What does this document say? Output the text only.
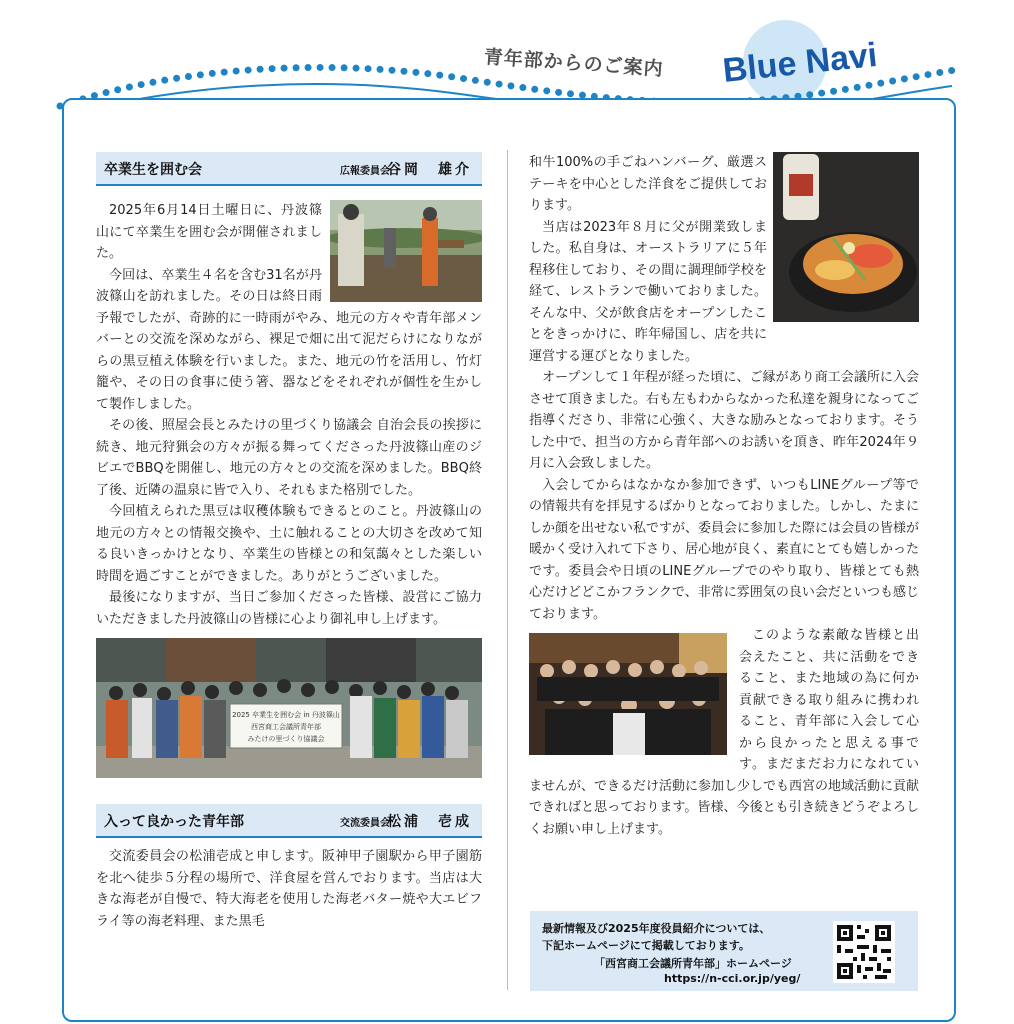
青年部からのご案内 Blue Navi
卒業生を囲む会	広報委員会
谷岡　雄介

2025年6月14日土曜日に、丹波篠山にて卒業生を囲む会が開催されました。

今回は、卒業生４名を含む31名が丹波篠山を訪れました。その日は終日雨予報でしたが、奇跡的に一時雨がやみ、地元の方々や青年部メンバーとの交流を深めながら、裸足で畑に出て泥だらけになりながらの黒豆植え体験を行いました。また、地元の竹を活用し、竹灯籠や、その日の食事に使う箸、器などをそれぞれが個性を生かして製作しました。

その後、照屋会長とみたけの里づくり協議会 自治会長の挨拶に続き、地元狩猟会の方々が振る舞ってくださった丹波篠山産のジビエでBBQを開催し、地元の方々との交流を深めました。BBQ終了後、近隣の温泉に皆で入り、それもまた格別でした。

今回植えられた黒豆は収穫体験もできるとのこと。丹波篠山の地元の方々との情報交換や、土に触れることの大切さを改めて知る良いきっかけとなり、卒業生の皆様との和気藹々とした楽しい時間を過ごすことができました。ありがとうございました。

最後になりますが、当日ご参加くださった皆様、設営にご協力いただきました丹波篠山の皆様に心より御礼申し上げます。

2025 卒業生を囲む会 in 丹波篠山
西宮商工会議所青年部
みたけの里づくり協議会
入って良かった青年部	交流委員会
松浦　壱成

交流委員会の松浦壱成と申します。阪神甲子園駅から甲子園筋を北へ徒歩５分程の場所で、洋食屋を営んでおります。当店は大きな海老が自慢で、特大海老を使用した海老バター焼や大エビフライ等の海老料理、また黒毛

和牛100%の手ごねハンバーグ、厳選ステーキを中心とした洋食をご提供しております。

当店は2023年８月に父が開業致しました。私自身は、オーストラリアに５年程移住しており、その間に調理師学校を経て、レストランで働いておりました。そんな中、父が飲食店をオープンしたことをきっかけに、昨年帰国し、店を共に運営する運びとなりました。

オープンして１年程が経った頃に、ご縁があり商工会議所に入会させて頂きました。右も左もわからなかった私達を親身になってご指導くださり、非常に心強く、大きな励みとなっております。そうした中で、担当の方から青年部へのお誘いを頂き、昨年2024年９月に入会致しました。

入会してからはなかなか参加できず、いつもLINEグループ等での情報共有を拝見するばかりとなっておりました。しかし、たまにしか顔を出せない私ですが、委員会に参加した際には会員の皆様が暖かく受け入れて下さり、居心地が良く、素直にとても嬉しかったです。委員会や日頃のLINEグループでのやり取り、皆様とても熱心だけどどこかフランクで、非常に雰囲気の良い会だといつも感じております。

このような素敵な皆様と出会えたこと、共に活動をできること、また地域の為に何か貢献できる取り組みに携われること、青年部に入会して心から良かったと思える事です。まだまだお力になれていませんが、できるだけ活動に参加し少しでも西宮の地域活動に貢献できればと思っております。皆様、今後とも引き続きどうぞよろしくお願い申し上げます。

最新情報及び2025年度役員紹介については、
下記ホームページにて掲載しております。
「西宮商工会議所青年部」ホームページ
https://n-cci.or.jp/yeg/
